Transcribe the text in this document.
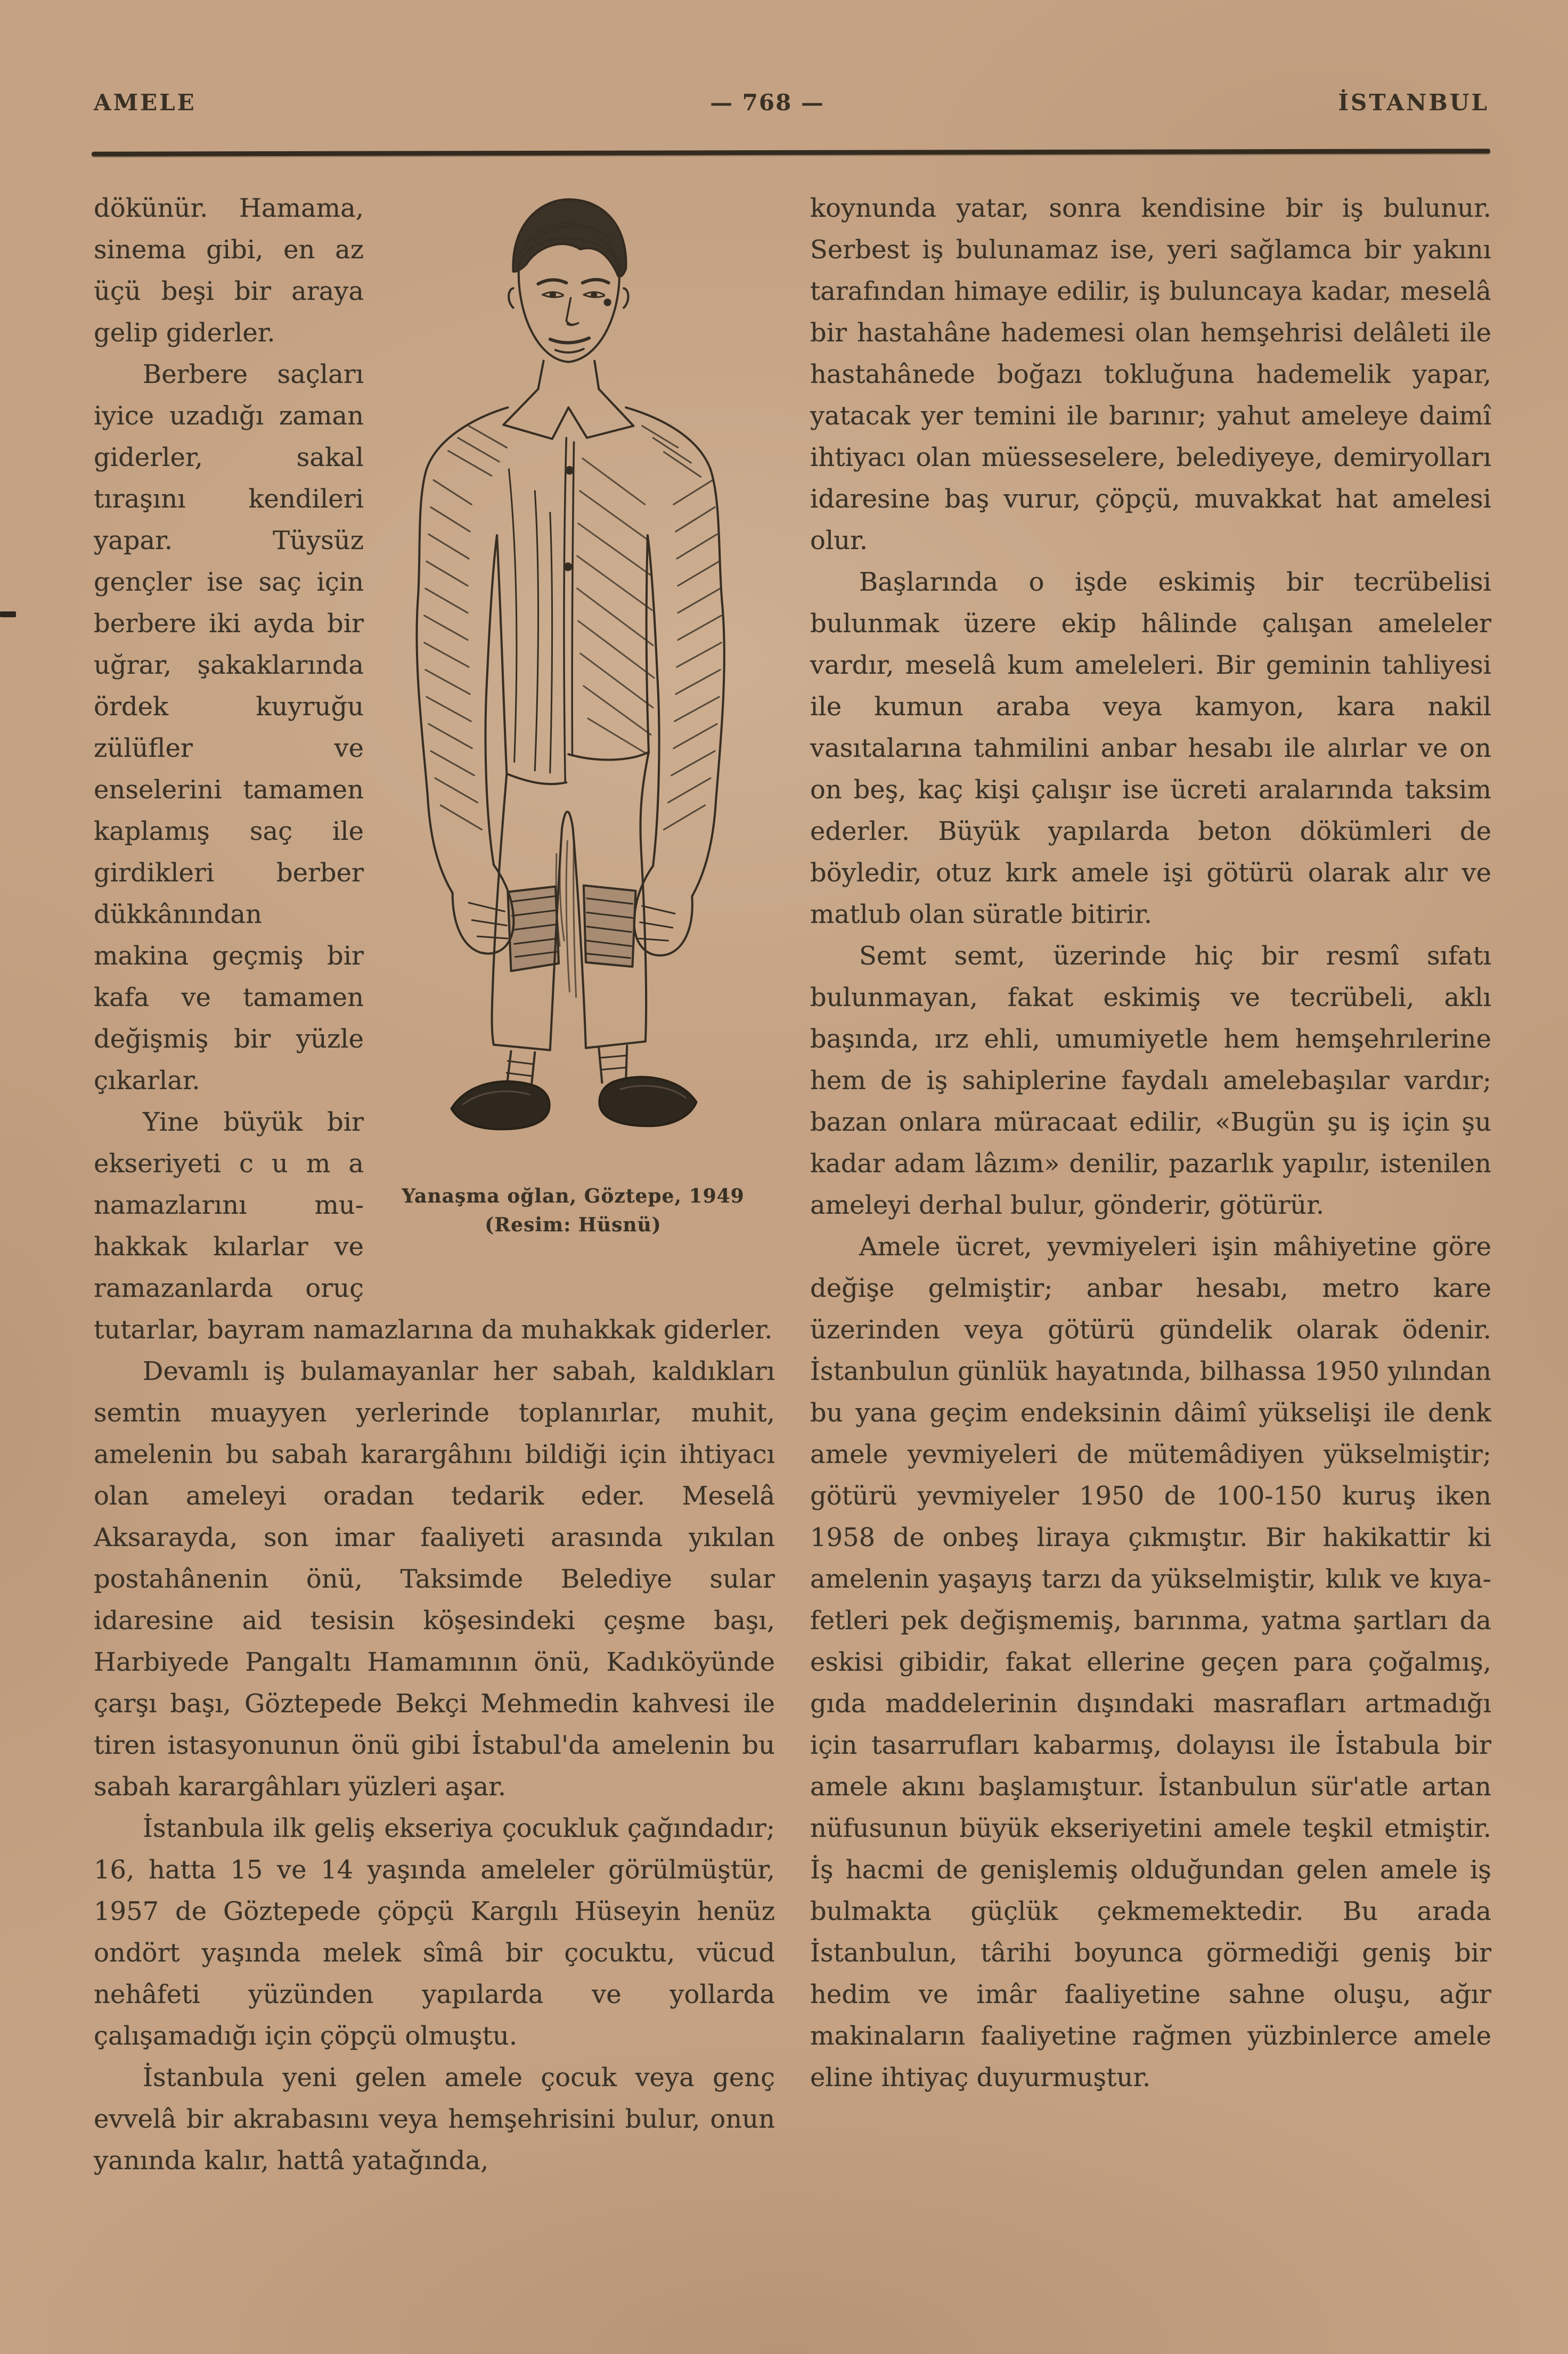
AMELE	— 768 —	İSTANBUL
Yanaşma oğlan, Göztepe, 1949
(Resim: Hüsnü)

dökünür. Hamama, sinema gibi, en az üçü beşi bir araya gelip giderler.

Berbere saçları iyice uzadığı zaman giderler, sakal tıraşını kendileri yapar. Tüysüz gençler ise saç için berbere iki ayda bir uğrar, şakaklarında ördek kuyruğu zülüfler ve enselerini tamamen kaplamış saç ile girdikleri berber dükkânından makina geçmiş bir kafa ve tamamen değişmiş bir yüzle çıkarlar.

Yine büyük bir ekseriyeti c u m a namazlarını muhakkak kılarlar ve ramazanlarda oruç tutarlar, bayram namazlarına da muhakkak giderler.

Devamlı iş bulamayanlar her sabah, kaldıkları semtin muayyen yerlerinde toplanırlar, muhit, amelenin bu sabah karargâhını bildiği için ihtiyacı olan ameleyi oradan tedarik eder. Meselâ Aksarayda, son imar faaliyeti arasında yıkılan postahânenin önü, Taksimde Belediye sular idaresine aid tesisin köşesindeki çeşme başı, Harbiyede Pangaltı Hamamının önü, Kadıköyünde çarşı başı, Göztepede Bekçi Mehmedin kahvesi ile tiren istasyonunun önü gibi İstabul'da amelenin bu sabah karargâhları yüzleri aşar.

İstanbula ilk geliş ekseriya çocukluk çağındadır; 16, hatta 15 ve 14 yaşında ameleler görülmüştür, 1957 de Göztepede çöpçü Kargılı Hüseyin henüz ondört yaşında melek sîmâ bir çocuktu, vücud nehâfeti yüzünden yapılarda ve yollarda çalışamadığı için çöpçü olmuştu.

İstanbula yeni gelen amele çocuk veya genç evvelâ bir akrabasını veya hemşehrisini bulur, onun yanında kalır, hattâ yatağında,

koynunda yatar, sonra kendisine bir iş bulunur. Serbest iş bulunamaz ise, yeri sağlamca bir yakını tarafından himaye edilir, iş buluncaya kadar, meselâ bir hastahâne hademesi olan hemşehrisi delâleti ile hastahânede boğazı tokluğuna hademelik yapar, yatacak yer temini ile barınır; yahut ameleye daimî ihtiyacı olan müesseselere, belediyeye, demiryolları idaresine baş vurur, çöpçü, muvakkat hat amelesi olur.

Başlarında o işde eskimiş bir tecrübelisi bulunmak üzere ekip hâlinde çalışan ameleler vardır, meselâ kum ameleleri. Bir geminin tahliyesi ile kumun araba veya kamyon, kara nakil vasıtalarına tahmilini anbar hesabı ile alırlar ve on on beş, kaç kişi çalışır ise ücreti aralarında taksim ederler. Büyük yapılarda beton dökümleri de böyledir, otuz kırk amele işi götürü olarak alır ve matlub olan süratle bitirir.

Semt semt, üzerinde hiç bir resmî sıfatı bulunmayan, fakat eskimiş ve tecrübeli, aklı başında, ırz ehli, umumiyetle hem hemşehrılerine hem de iş sahiplerine faydalı amelebaşılar vardır; bazan onlara müracaat edilir, «Bugün şu iş için şu kadar adam lâzım» denilir, pazarlık yapılır, istenilen ameleyi derhal bulur, gönderir, götürür.

Amele ücret, yevmiyeleri işin mâhiyetine göre değişe gelmiştir; anbar hesabı, metro kare üzerinden veya götürü gündelik olarak ödenir. İstanbulun günlük hayatında, bilhassa 1950 yılından bu yana geçim endeksinin dâimî yükselişi ile denk amele yevmiyeleri de mütemâdiyen yükselmiştir; götürü yevmiyeler 1950 de 100-150 kuruş iken 1958 de onbeş liraya çıkmıştır. Bir hakikattir ki amelenin yaşayış tarzı da yükselmiştir, kılık ve kıyafetleri pek değişmemiş, barınma, yatma şartları da eskisi gibidir, fakat ellerine geçen para çoğalmış, gıda maddelerinin dışındaki masrafları artmadığı için tasarrufları kabarmış, dolayısı ile İstabula bir amele akını başlamıştuır. İstanbulun sür'atle artan nüfusunun büyük ekseriyetini amele teşkil etmiştir. İş hacmi de genişlemiş olduğundan gelen amele iş bulmakta güçlük çekmemektedir. Bu arada İstanbulun, târihi boyunca görmediği geniş bir hedim ve imâr faaliyetine sahne oluşu, ağır makinaların faaliyetine rağmen yüzbinlerce amele eline ihtiyaç duyurmuştur.
